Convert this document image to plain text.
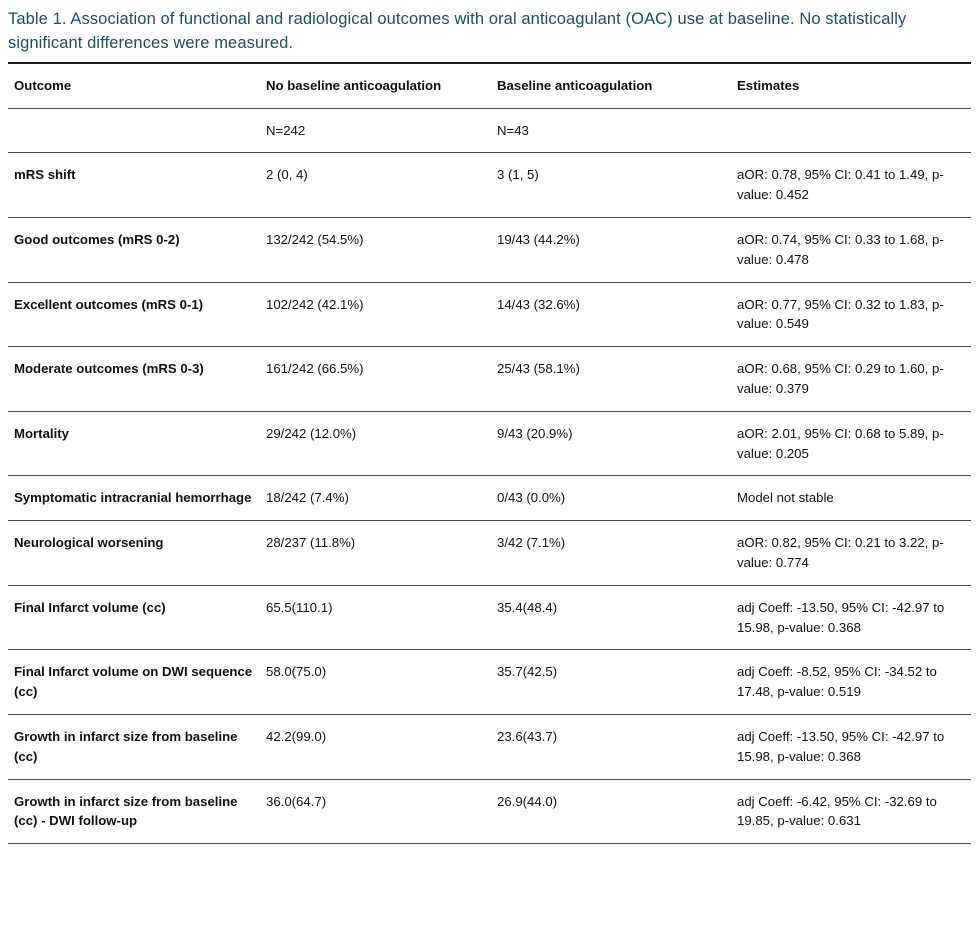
Table 1. Association of functional and radiological outcomes with oral anticoagulant (OAC) use at baseline. No statistically significant differences were measured.

Outcome	No baseline anticoagulation	Baseline anticoagulation	Estimates
	N=242	N=43	
mRS shift	2 (0, 4)	3 (1, 5)	aOR: 0.78, 95% CI: 0.41 to 1.49, p-value: 0.452
Good outcomes (mRS 0-2)	132/242 (54.5%)	19/43 (44.2%)	aOR: 0.74, 95% CI: 0.33 to 1.68, p-value: 0.478
Excellent outcomes (mRS 0-1)	102/242 (42.1%)	14/43 (32.6%)	aOR: 0.77, 95% CI: 0.32 to 1.83, p-value: 0.549
Moderate outcomes (mRS 0-3)	161/242 (66.5%)	25/43 (58.1%)	aOR: 0.68, 95% CI: 0.29 to 1.60, p-value: 0.379
Mortality	29/242 (12.0%)	9/43 (20.9%)	aOR: 2.01, 95% CI: 0.68 to 5.89, p-value: 0.205
Symptomatic intracranial hemorrhage	18/242 (7.4%)	0/43 (0.0%)	Model not stable
Neurological worsening	28/237 (11.8%)	3/42 (7.1%)	aOR: 0.82, 95% CI: 0.21 to 3.22, p-value: 0.774
Final Infarct volume (cc)	65.5(110.1)	35.4(48.4)	adj Coeff: -13.50, 95% CI: -42.97 to 15.98, p-value: 0.368
Final Infarct volume on DWI sequence (cc)	58.0(75.0)	35.7(42.5)	adj Coeff: -8.52, 95% CI: -34.52 to 17.48, p-value: 0.519
Growth in infarct size from baseline (cc)	42.2(99.0)	23.6(43.7)	adj Coeff: -13.50, 95% CI: -42.97 to 15.98, p-value: 0.368
Growth in infarct size from baseline (cc) - DWI follow-up	36.0(64.7)	26.9(44.0)	adj Coeff: -6.42, 95% CI: -32.69 to 19.85, p-value: 0.631
